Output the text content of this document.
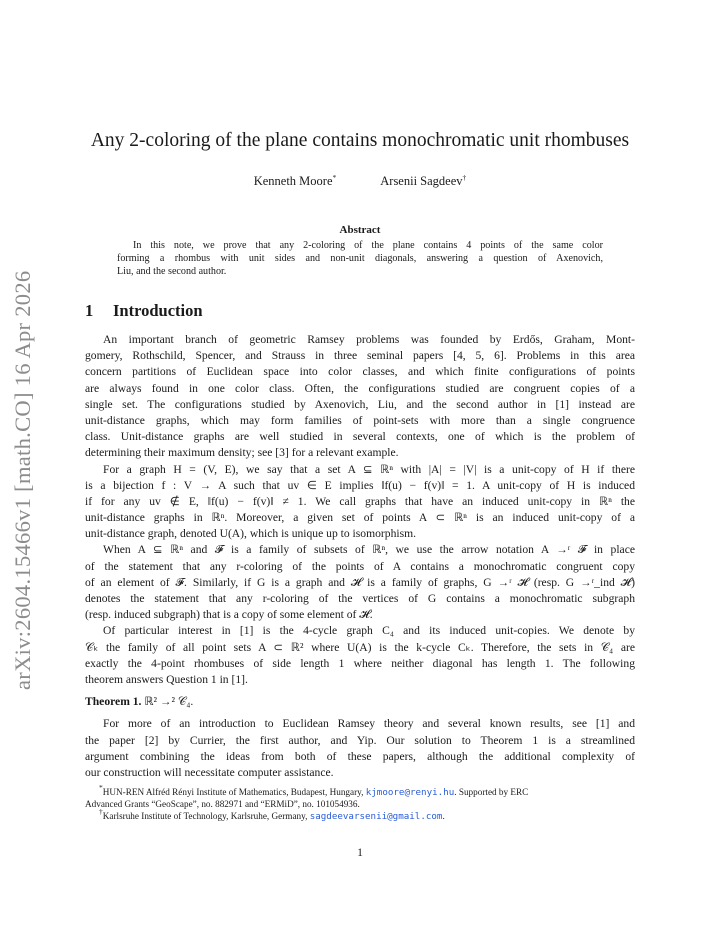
arXiv:2604.15466v1 [math.CO] 16 Apr 2026
Any 2-coloring of the plane contains monochromatic unit rhombuses
Kenneth Moore*	Arsenii Sagdeev†
Abstract
In this note, we prove that any 2-coloring of the plane contains 4 points of the same color
forming a rhombus with unit sides and non-unit diagonals, answering a question of Axenovich,
Liu, and the second author.
1 Introduction
An important branch of geometric Ramsey problems was founded by Erdős, Graham, Mont-
gomery, Rothschild, Spencer, and Strauss in three seminal papers [4, 5, 6]. Problems in this area
concern partitions of Euclidean space into color classes, and which finite configurations of points
are always found in one color class. Often, the configurations studied are congruent copies of a
single set. The configurations studied by Axenovich, Liu, and the second author in [1] instead are
unit-distance graphs, which may form families of point-sets with more than a single congruence
class. Unit-distance graphs are well studied in several contexts, one of which is the problem of
determining their maximum density; see [3] for a relevant example.
For a graph H = (V, E), we say that a set A ⊆ ℝⁿ with |A| = |V| is a unit-copy of H if there
is a bijection f : V → A such that uv ∈ E implies ‖f(u) − f(v)‖ = 1. A unit-copy of H is induced
if for any uv ∉ E, ‖f(u) − f(v)‖ ≠ 1. We call graphs that have an induced unit-copy in ℝⁿ the
unit-distance graphs in ℝⁿ. Moreover, a given set of points A ⊂ ℝⁿ is an induced unit-copy of a
unit-distance graph, denoted U(A), which is unique up to isomorphism.
When A ⊆ ℝⁿ and 𝓕 is a family of subsets of ℝⁿ, we use the arrow notation A →ʳ 𝓕 in place
of the statement that any r-coloring of the points of A contains a monochromatic congruent copy
of an element of 𝓕. Similarly, if G is a graph and 𝓗 is a family of graphs, G →ʳ 𝓗 (resp. G →ʳ_ind 𝓗)
denotes the statement that any r-coloring of the vertices of G contains a monochromatic subgraph
(resp. induced subgraph) that is a copy of some element of 𝓗.
Of particular interest in [1] is the 4-cycle graph C₄ and its induced unit-copies. We denote by
𝒞ₖ the family of all point sets A ⊂ ℝ² where U(A) is the k-cycle Cₖ. Therefore, the sets in 𝒞₄ are
exactly the 4-point rhombuses of side length 1 where neither diagonal has length 1. The following
theorem answers Question 1 in [1].
Theorem 1. ℝ² →² 𝒞₄.
For more of an introduction to Euclidean Ramsey theory and several known results, see [1] and
the paper [2] by Currier, the first author, and Yip. Our solution to Theorem 1 is a streamlined
argument combining the ideas from both of these papers, although the additional complexity of
our construction will necessitate computer assistance.
*HUN-REN Alfréd Rényi Institute of Mathematics, Budapest, Hungary, kjmoore@renyi.hu. Supported by ERC
Advanced Grants “GeoScape”, no. 882971 and “ERMiD”, no. 101054936.
†Karlsruhe Institute of Technology, Karlsruhe, Germany, sagdeevarsenii@gmail.com.
1
